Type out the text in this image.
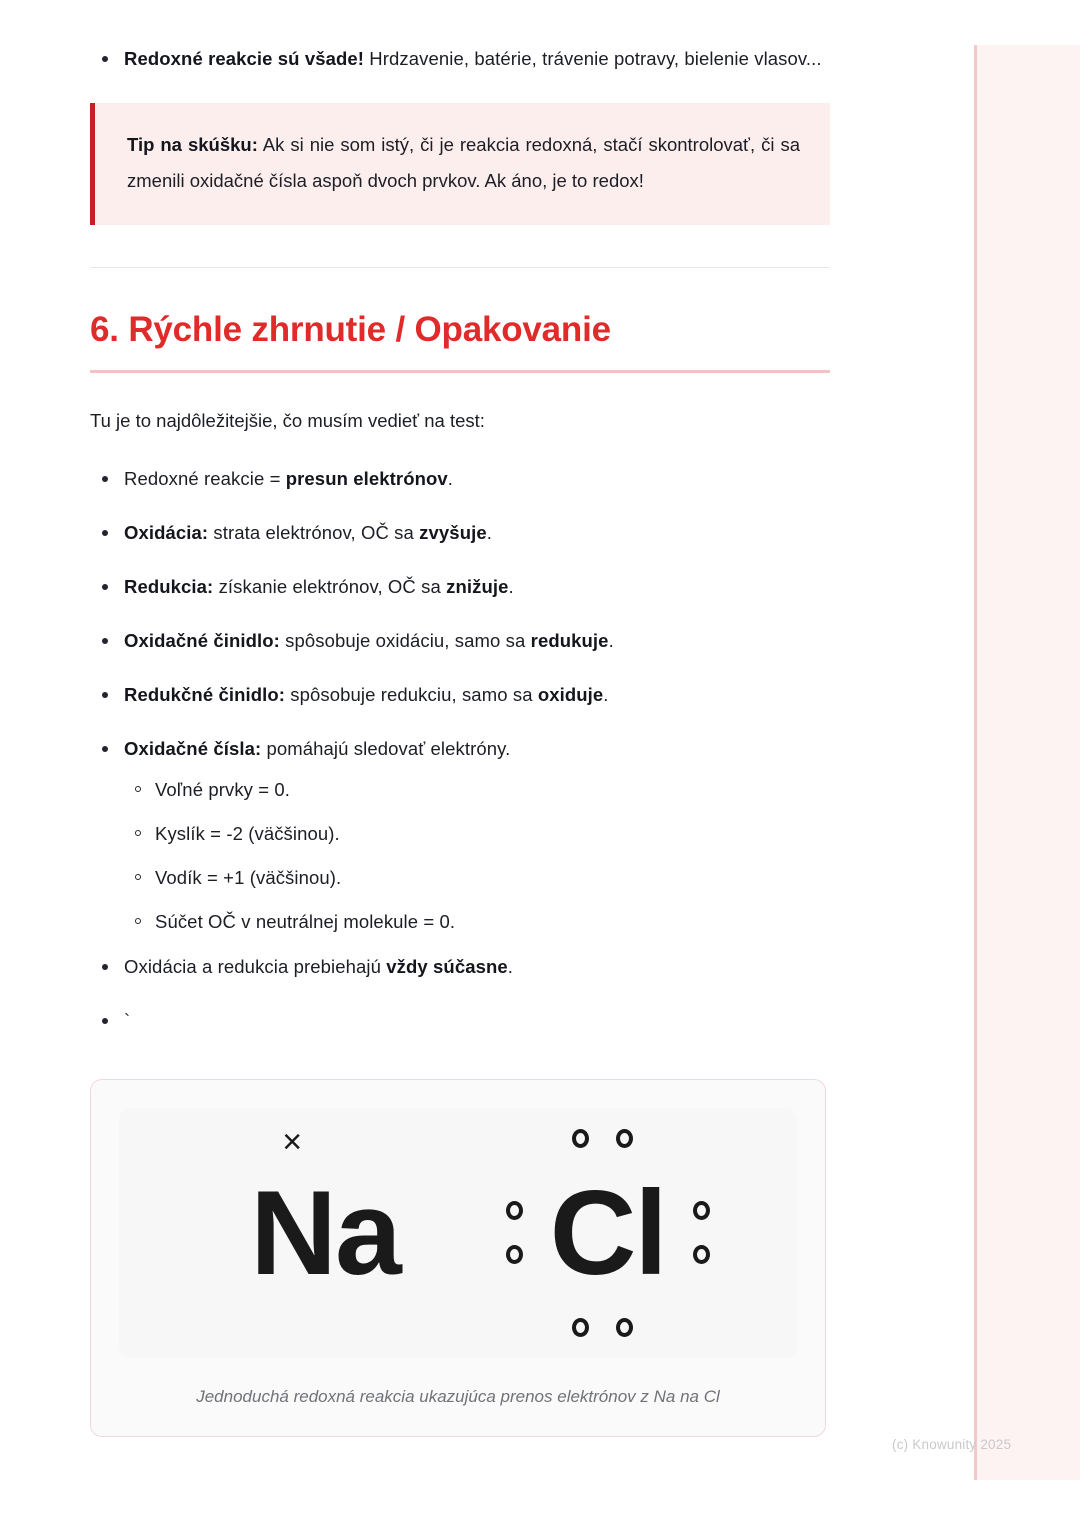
Redoxné reakcie sú všade! Hrdzavenie, batérie, trávenie potravy, bielenie vlasov...

Tip na skúšku: Ak si nie som istý, či je reakcia redoxná, stačí skontrolovať, či sa zmenili oxidačné čísla aspoň dvoch prvkov. Ak áno, je to redox!

6. Rýchle zhrnutie / Opakovanie

Tu je to najdôležitejšie, čo musím vedieť na test:

Redoxné reakcie = presun elektrónov.
Oxidácia: strata elektrónov, OČ sa zvyšuje.
Redukcia: získanie elektrónov, OČ sa znižuje.
Oxidačné činidlo: spôsobuje oxidáciu, samo sa redukuje.
Redukčné činidlo: spôsobuje redukciu, samo sa oxiduje.
Oxidačné čísla: pomáhajú sledovať elektróny.
Voľné prvky = 0.
Kyslík = -2 (väčšinou).
Vodík = +1 (väčšinou).
Súčet OČ v neutrálnej molekule = 0.
Oxidácia a redukcia prebiehajú vždy súčasne.
`
×
Na Cl
Jednoduchá redoxná reakcia ukazujúca prenos elektrónov z Na na Cl
(c) Knowunity 2025
